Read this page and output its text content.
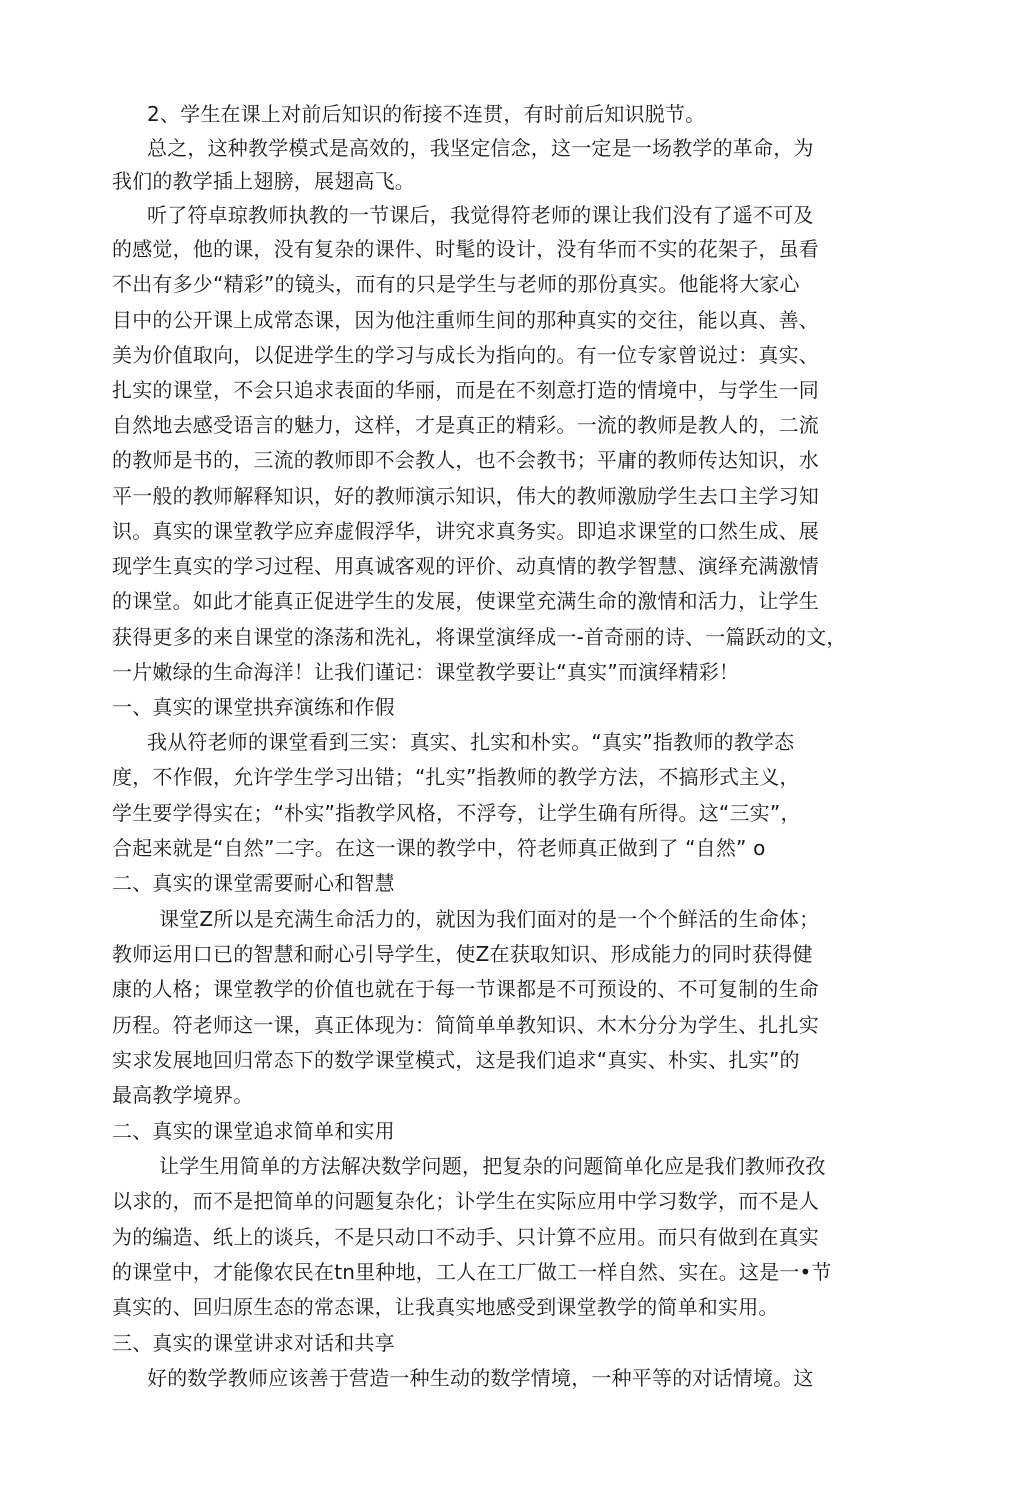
2、学生在课上对前后知识的衔接不连贯，有时前后知识脱节。
总之，这种教学模式是高效的，我坚定信念，这一定是一场教学的革命，为
我们的教学插上翅膀，展翅高飞。
听了符卓琼教师执教的一节课后，我觉得符老师的课让我们没有了遥不可及
的感觉，他的课，没有复杂的课件、时髦的设计，没有华而不实的花架子，虽看
不出有多少“精彩”的镜头，而有的只是学生与老师的那份真实。他能将大家心
目中的公开课上成常态课，因为他注重师生间的那种真实的交往，能以真、善、
美为价值取向，以促进学生的学习与成长为指向的。有一位专家曾说过：真实、
扎实的课堂，不会只追求表面的华丽，而是在不刻意打造的情境中，与学生一同
自然地去感受语言的魅力，这样，才是真正的精彩。一流的教师是教人的，二流
的教师是书的，三流的教师即不会教人，也不会教书；平庸的教师传达知识，水
平一般的教师解释知识，好的教师演示知识，伟大的教师激励学生去口主学习知
识。真实的课堂教学应弃虚假浮华，讲究求真务实。即追求课堂的口然生成、展
现学生真实的学习过程、用真诚客观的评价、动真情的教学智慧、演绎充满激情
的课堂。如此才能真正促进学生的发展，使课堂充满生命的激情和活力，让学生
获得更多的来自课堂的涤荡和洗礼，将课堂演绎成一-首奇丽的诗、一篇跃动的文，
一片嫩绿的生命海洋！让我们谨记：课堂教学要让“真实”而演绎精彩！
一、真实的课堂拱弃演练和作假
我从符老师的课堂看到三实：真实、扎实和朴实。“真实”指教师的教学态
度，不作假，允许学生学习出错；“扎实”指教师的教学方法，不搞形式主义，
学生要学得实在；“朴实”指教学风格，不浮夸，让学生确有所得。这“三实”，
合起来就是“自然”二字。在这一课的教学中，符老师真正做到了 “自然” o
二、真实的课堂需要耐心和智慧
课堂Z所以是充满生命活力的，就因为我们面对的是一个个鲜活的生命体；
教师运用口已的智慧和耐心引导学生，使Z在获取知识、形成能力的同时获得健
康的人格；课堂教学的价值也就在于每一节课都是不可预设的、不可复制的生命
历程。符老师这一课，真正体现为：简简单单教知识、木木分分为学生、扎扎实
实求发展地回归常态下的数学课堂模式，这是我们追求“真实、朴实、扎实”的
最高教学境界。
二、真实的课堂追求简单和实用
让学生用简单的方法解决数学问题，把复杂的问题简单化应是我们教师孜孜
以求的，而不是把简单的问题复杂化；讣学生在实际应用中学习数学，而不是人
为的编造、纸上的谈兵，不是只动口不动手、只计算不应用。而只有做到在真实
的课堂中，才能像农民在tn里种地，工人在工厂做工一样自然、实在。这是一•节
真实的、回归原生态的常态课，让我真实地感受到课堂教学的简单和实用。
三、真实的课堂讲求对话和共享
好的数学教师应该善于营造一种生动的数学情境，一种平等的对话情境。这
